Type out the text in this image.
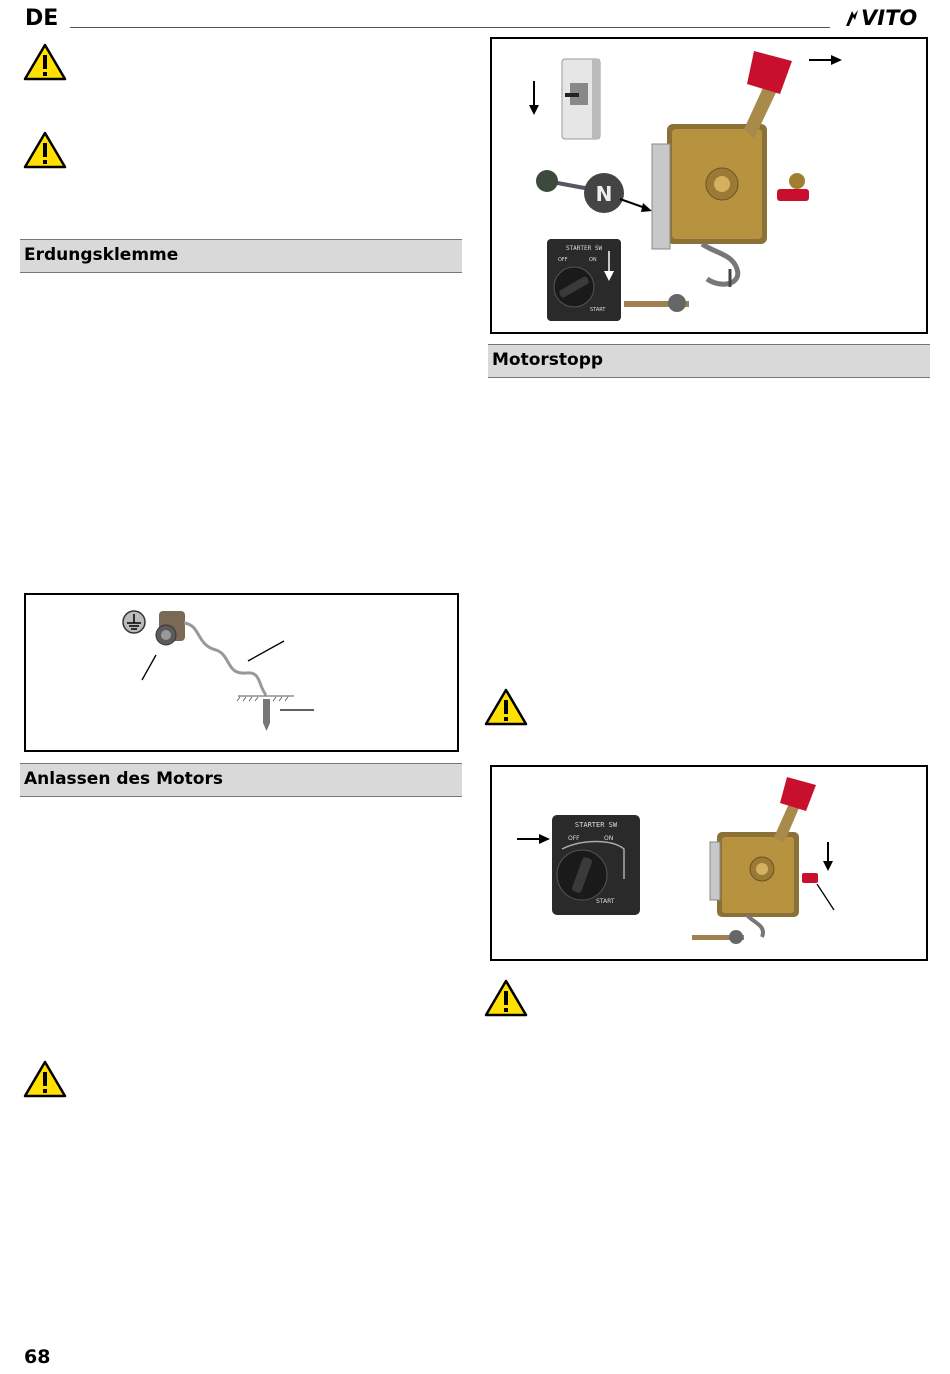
DE	VITO
Erdungsklemme
Anlassen des Motors
N
STARTER SW
OFF	ON
START
Motorstopp
STARTER SW
OFF	ON
START
68
